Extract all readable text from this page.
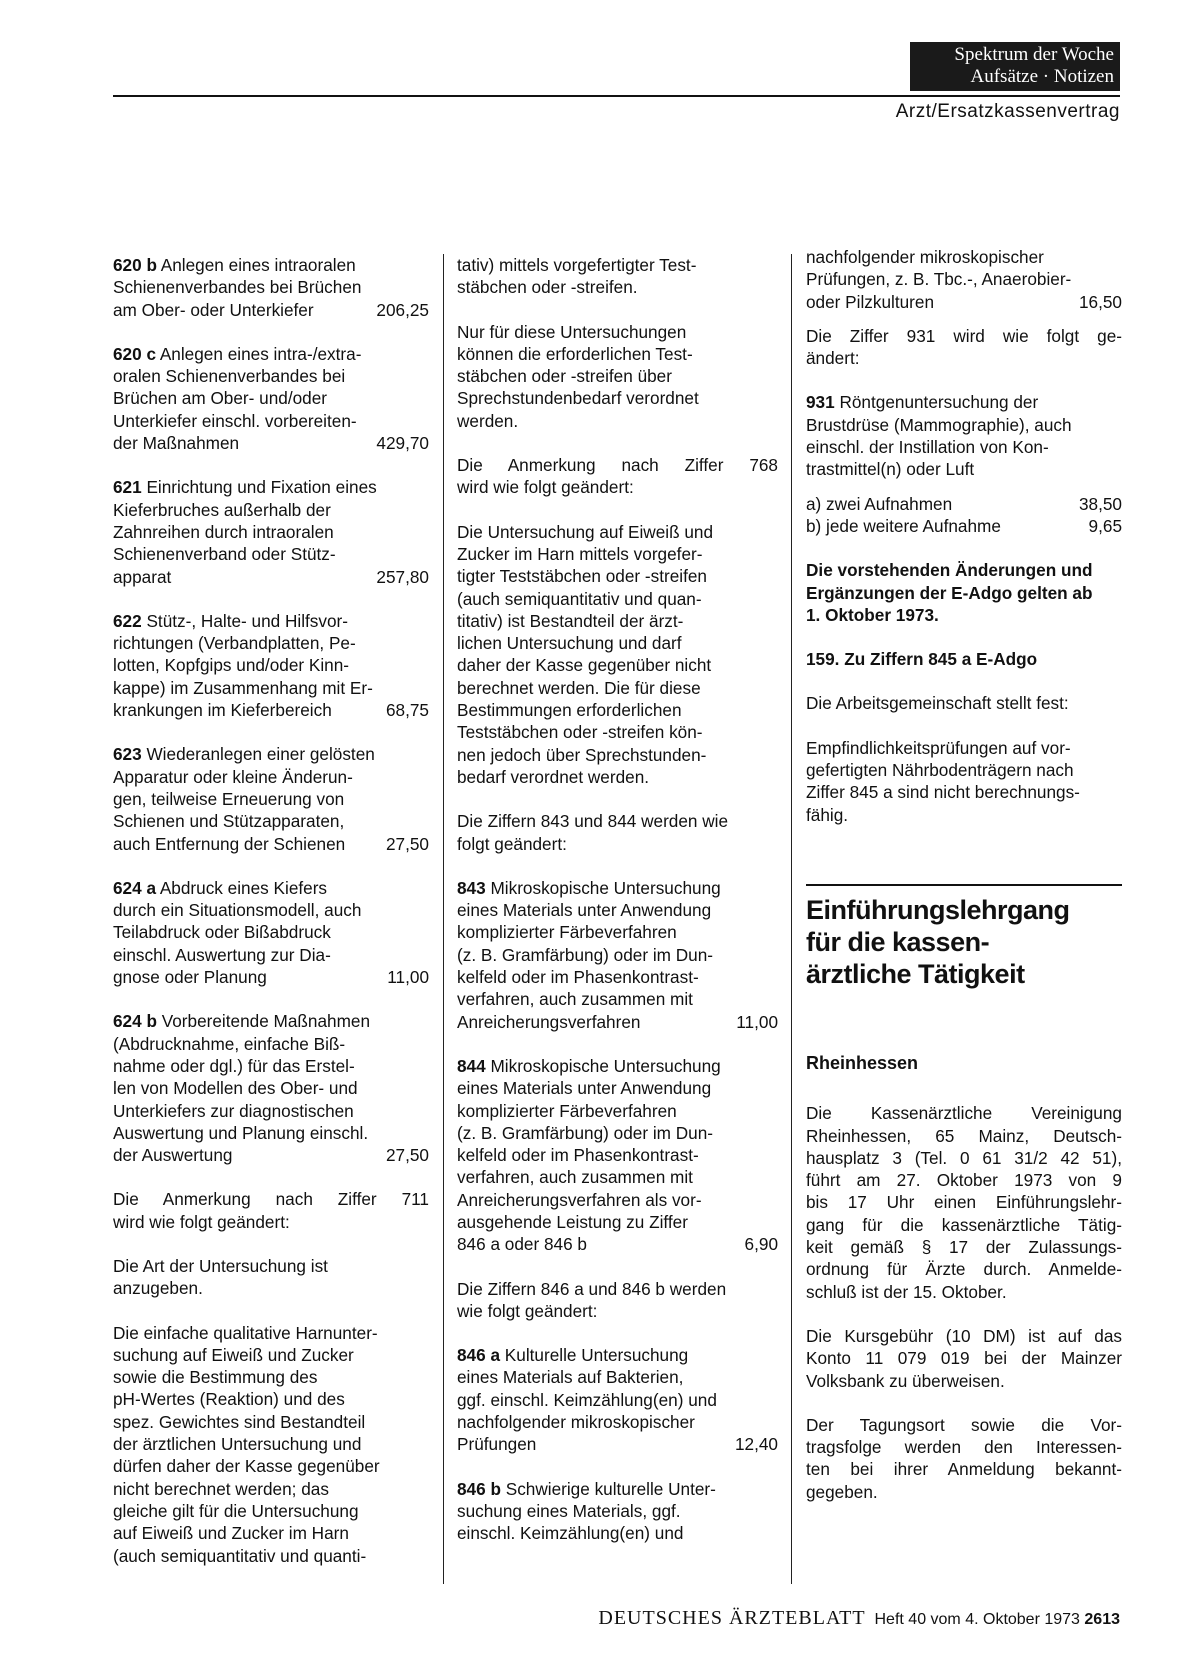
Spektrum der Woche
Aufsätze · Notizen
Arzt/Ersatzkassenvertrag

620 b Anlegen eines intraoralen
Schienenverbandes bei Brüchen
am Ober- oder Unterkiefer	206,25

620 c Anlegen eines intra-/extra-
oralen Schienenverbandes bei
Brüchen am Ober- und/oder
Unterkiefer einschl. vorbereiten-
der Maßnahmen	429,70

621 Einrichtung und Fixation eines
Kieferbruches außerhalb der
Zahnreihen durch intraoralen
Schienenverband oder Stütz-
apparat	257,80

622 Stütz-, Halte- und Hilfsvor-
richtungen (Verbandplatten, Pe-
lotten, Kopfgips und/oder Kinn-
kappe) im Zusammenhang mit Er-
krankungen im Kieferbereich	68,75

623 Wiederanlegen einer gelösten
Apparatur oder kleine Änderun-
gen, teilweise Erneuerung von
Schienen und Stützapparaten,
auch Entfernung der Schienen 27,50

624 a Abdruck eines Kiefers
durch ein Situationsmodell, auch
Teilabdruck oder Bißabdruck
einschl. Auswertung zur Dia-
gnose oder Planung	11,00

624 b Vorbereitende Maßnahmen
(Abdrucknahme, einfache Biß-
nahme oder dgl.) für das Erstel-
len von Modellen des Ober- und
Unterkiefers zur diagnostischen
Auswertung und Planung einschl.
der Auswertung	27,50

Die Anmerkung nach Ziffer 711
wird wie folgt geändert:

Die Art der Untersuchung ist
anzugeben.

Die einfache qualitative Harnunter-
suchung auf Eiweiß und Zucker
sowie die Bestimmung des
pH-Wertes (Reaktion) und des
spez. Gewichtes sind Bestandteil
der ärztlichen Untersuchung und
dürfen daher der Kasse gegenüber
nicht berechnet werden; das
gleiche gilt für die Untersuchung
auf Eiweiß und Zucker im Harn
(auch semiquantitativ und quanti-

tativ) mittels vorgefertigter Test-
stäbchen oder -streifen.

Nur für diese Untersuchungen
können die erforderlichen Test-
stäbchen oder -streifen über
Sprechstundenbedarf verordnet
werden.

Die Anmerkung nach Ziffer 768
wird wie folgt geändert:

Die Untersuchung auf Eiweiß und
Zucker im Harn mittels vorgefer-
tigter Teststäbchen oder -streifen
(auch semiquantitativ und quan-
titativ) ist Bestandteil der ärzt-
lichen Untersuchung und darf
daher der Kasse gegenüber nicht
berechnet werden. Die für diese
Bestimmungen erforderlichen
Teststäbchen oder -streifen kön-
nen jedoch über Sprechstunden-
bedarf verordnet werden.

Die Ziffern 843 und 844 werden wie
folgt geändert:

843 Mikroskopische Untersuchung
eines Materials unter Anwendung
komplizierter Färbeverfahren
(z. B. Gramfärbung) oder im Dun-
kelfeld oder im Phasenkontrast-
verfahren, auch zusammen mit
Anreicherungsverfahren	11,00

844 Mikroskopische Untersuchung
eines Materials unter Anwendung
komplizierter Färbeverfahren
(z. B. Gramfärbung) oder im Dun-
kelfeld oder im Phasenkontrast-
verfahren, auch zusammen mit
Anreicherungsverfahren als vor-
ausgehende Leistung zu Ziffer
846 a oder 846 b	6,90

Die Ziffern 846 a und 846 b werden
wie folgt geändert:

846 a Kulturelle Untersuchung
eines Materials auf Bakterien,
ggf. einschl. Keimzählung(en) und
nachfolgender mikroskopischer
Prüfungen	12,40

846 b Schwierige kulturelle Unter-
suchung eines Materials, ggf.
einschl. Keimzählung(en) und

nachfolgender mikroskopischer
Prüfungen, z. B. Tbc.-, Anaerobier-
oder Pilzkulturen	16,50

Die Ziffer 931 wird wie folgt ge-
ändert:

931 Röntgenuntersuchung der
Brustdrüse (Mammographie), auch
einschl. der Instillation von Kon-
trastmittel(n) oder Luft

a) zwei Aufnahmen	38,50
b) jede weitere Aufnahme	9,65

Die vorstehenden Änderungen und
Ergänzungen der E-Adgo gelten ab
1. Oktober 1973.

159. Zu Ziffern 845 a E-Adgo

Die Arbeitsgemeinschaft stellt fest:

Empfindlichkeitsprüfungen auf vor-
gefertigten Nährbodenträgern nach
Ziffer 845 a sind nicht berechnungs-
fähig.

Einführungslehrgang
für die kassen-
ärztliche Tätigkeit
Rheinhessen

Die Kassenärztliche Vereinigung
Rheinhessen, 65 Mainz, Deutsch-
hausplatz 3 (Tel. 0 61 31/2 42 51),
führt am 27. Oktober 1973 von 9
bis 17 Uhr einen Einführungslehr-
gang für die kassenärztliche Tätig-
keit gemäß § 17 der Zulassungs-
ordnung für Ärzte durch. Anmelde-
schluß ist der 15. Oktober.

Die Kursgebühr (10 DM) ist auf das
Konto 11 079 019 bei der Mainzer
Volksbank zu überweisen.

Der Tagungsort sowie die Vor-
tragsfolge werden den Interessen-
ten bei ihrer Anmeldung bekannt-
gegeben.

DEUTSCHES ÄRZTEBLATT Heft 40 vom 4. Oktober 1973 2613
